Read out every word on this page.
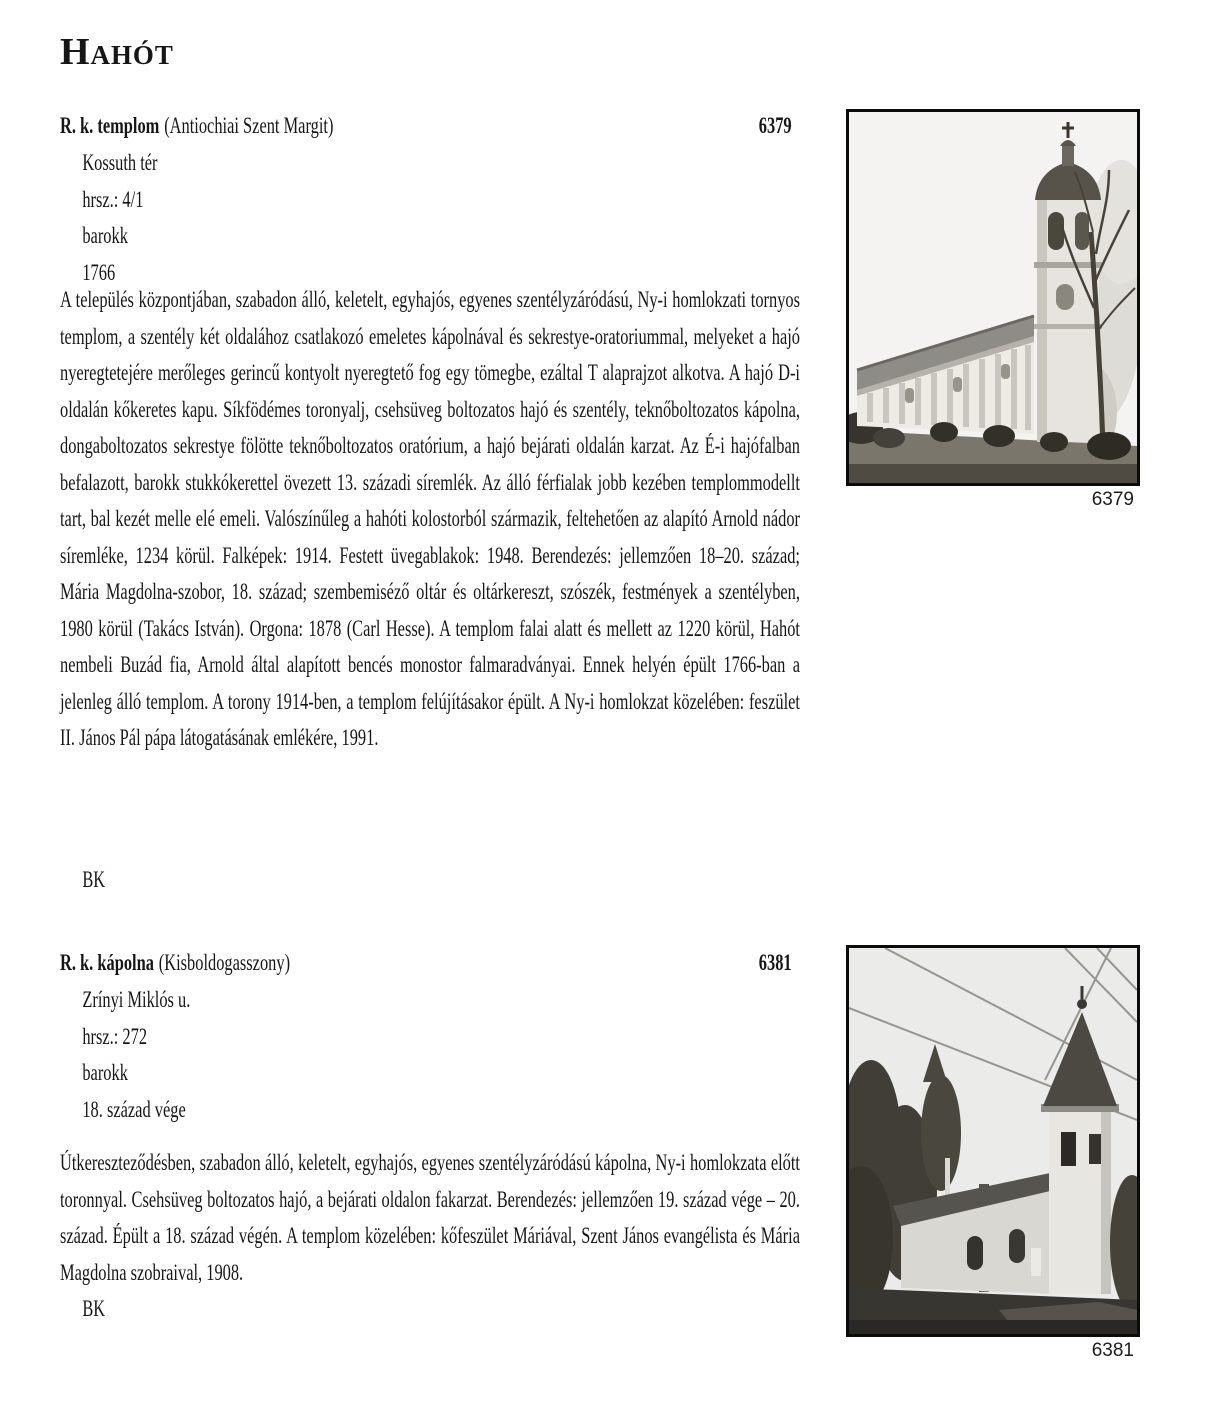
Hahót
R. k. templom (Antiochiai Szent Margit)	6379
Kossuth tér
hrsz.: 4/1
barokk
1766

A település központjában, szabadon álló, keletelt, egyhajós, egyenes szentélyzáródású, Ny-i homlokzati tornyos templom, a szentély két oldalához csatlakozó emeletes kápolnával és sekrestye-oratoriummal, melyeket a hajó nyeregtetejére merőleges gerincű kontyolt nyeregtető fog egy tömegbe, ezáltal T alaprajzot alkotva. A hajó D-i oldalán kőkeretes kapu. Síkfödémes toronyalj, csehsüveg boltozatos hajó és szentély, teknőboltozatos kápolna, dongaboltozatos sekrestye fölötte teknőboltozatos oratórium, a hajó bejárati oldalán karzat. Az É-i hajófalban befalazott, barokk stukkókerettel övezett 13. századi síremlék. Az álló férfialak jobb kezében templommodellt tart, bal kezét melle elé emeli. Valószínűleg a hahóti kolostorból származik, feltehetően az alapító Arnold nádor síremléke, 1234 körül. Falképek: 1914. Festett üvegablakok: 1948. Berendezés: jellemzően 18–20. század; Mária Magdolna-szobor, 18. század; szembemiséző oltár és oltárkereszt, szószék, festmények a szentélyben, 1980 körül (Takács István). Orgona: 1878 (Carl Hesse). A templom falai alatt és mellett az 1220 körül, Hahót nembeli Buzád fia, Arnold által alapított bencés monostor falmaradványai. Ennek helyén épült 1766-ban a jelenleg álló templom. A torony 1914-ben, a templom felújításakor épült. A Ny-i homlokzat közelében: feszület II. János Pál pápa látogatásának emlékére, 1991.

BK
R. k. kápolna (Kisboldogasszony)	6381
Zrínyi Miklós u.
hrsz.: 272
barokk
18. század vége

Útkereszteződésben, szabadon álló, keletelt, egyhajós, egyenes szentélyzáródású kápolna, Ny-i homlokzata előtt toronnyal. Csehsüveg boltozatos hajó, a bejárati oldalon fakarzat. Berendezés: jellemzően 19. század vége – 20. század. Épült a 18. század végén. A templom közelében: kőfeszület Máriával, Szent János evangélista és Mária Magdolna szobraival, 1908.

BK
6379
6381
